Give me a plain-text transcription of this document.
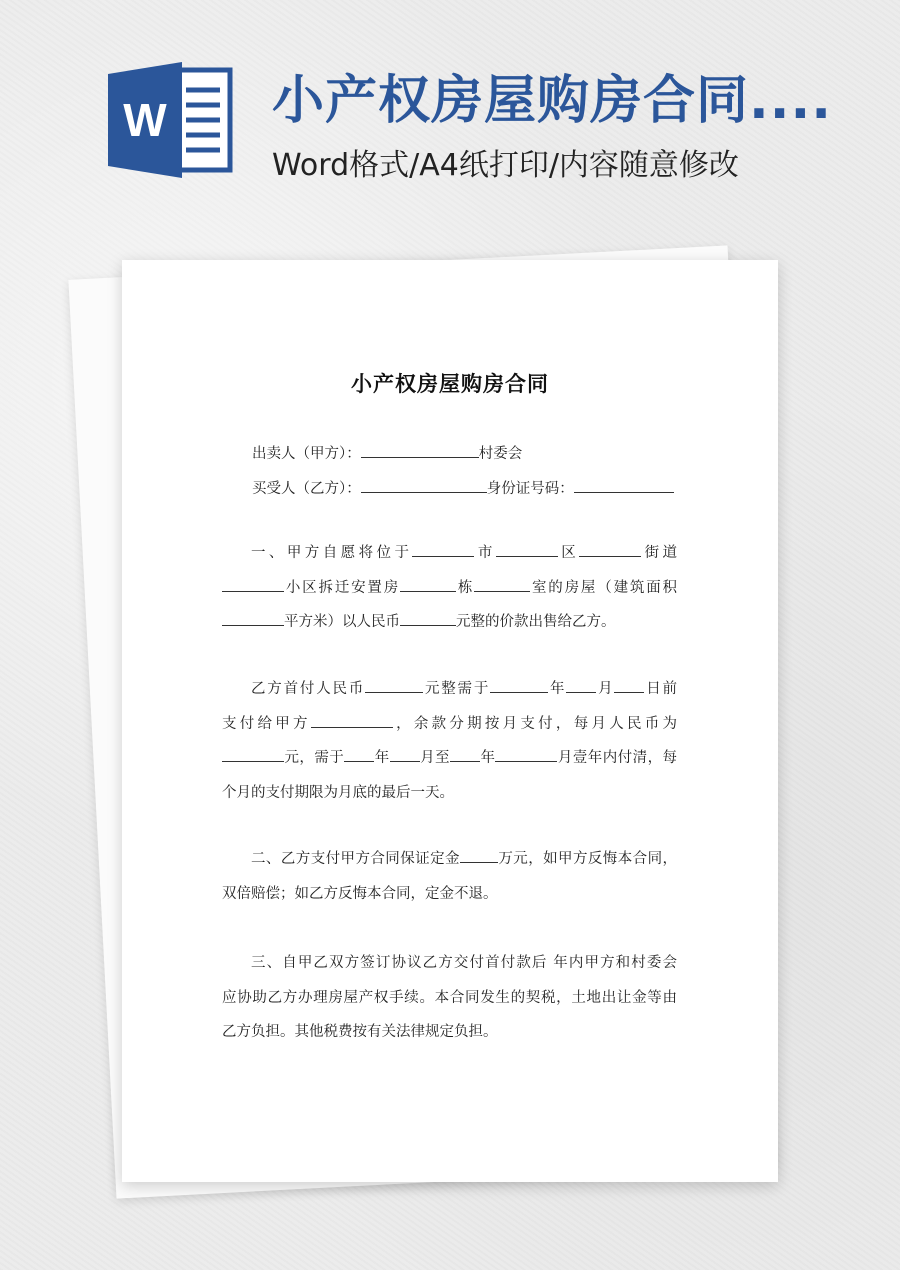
W 小产权房屋购房合同....
Word格式/A4纸打印/内容随意修改
小产权房屋购房合同
出卖人（甲方）：	村委会
买受人（乙方）：	身份证号码：
一、甲方自愿将位于	市	区	街道
小区拆迁安置房	栋	室的房屋（建筑面积
平方米）以人民币	元整的价款出售给乙方。
乙方首付人民币	元整需于	年 月 日前
支付给甲方	，余款分期按月支付，每月人民币为
元，需于 年 月至 年	月壹年内付清，每
个月的支付期限为月底的最后一天。
二、乙方支付甲方合同保证定金	万元，如甲方反悔本合同，
双倍赔偿；如乙方反悔本合同，定金不退。
三、自甲乙双方签订协议乙方交付首付款后 年内甲方和村委会
应协助乙方办理房屋产权手续。本合同发生的契税，土地出让金等由
乙方负担。其他税费按有关法律规定负担。
